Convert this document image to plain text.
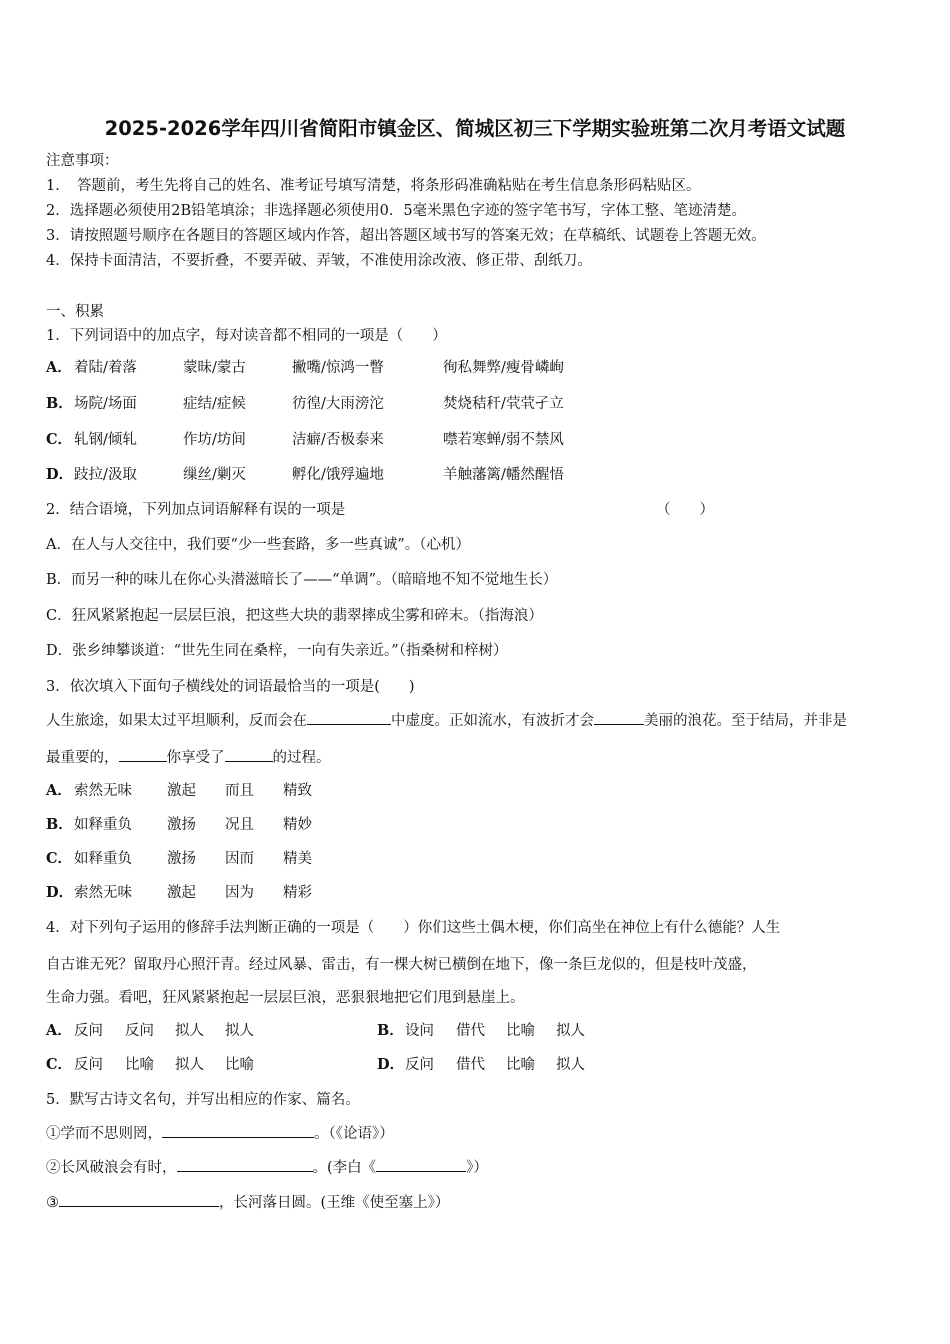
2025-2026学年四川省简阳市镇金区、简城区初三下学期实验班第二次月考语文试题
注意事项：
1．　答题前，考生先将自己的姓名、准考证号填写清楚，将条形码准确粘贴在考生信息条形码粘贴区。
2．选择题必须使用2B铅笔填涂；非选择题必须使用0．5毫米黑色字迹的签字笔书写，字体工整、笔迹清楚。
3．请按照题号顺序在各题目的答题区域内作答，超出答题区域书写的答案无效；在草稿纸、试题卷上答题无效。
4．保持卡面清洁，不要折叠，不要弄破、弄皱，不准使用涂改液、修正带、刮纸刀。
一、积累
1．下列词语中的加点字，每对读音都不相同的一项是（　　）
A． 着陆/着落	蒙昧/蒙古	撇嘴/惊鸿一瞥	徇私舞弊/瘦骨嶙峋
B． 场院/场面	症结/症候	彷徨/大雨滂沱	焚烧秸秆/茕茕孑立
C． 轧钢/倾轧	作坊/坊间	洁癖/否极泰来	噤若寒蝉/弱不禁风
D． 跂拉/汲取	缫丝/剿灭	孵化/饿殍遍地	羊触藩篱/幡然醒悟
2．结合语境，下列加点词语解释有误的一项是	（　　）
A．在人与人交往中，我们要“少一些套路，多一些真诚”。（心机）
B．而另一种的味儿在你心头潜滋暗长了——“单调”。（暗暗地不知不觉地生长）
C．狂风紧紧抱起一层层巨浪，把这些大块的翡翠摔成尘雾和碎末。（指海浪）
D．张乡绅攀谈道：“世先生同在桑梓，一向有失亲近。”（指桑树和梓树）
3．依次填入下面句子横线处的词语最恰当的一项是(　　)
人生旅途，如果太过平坦顺利，反而会在	中虚度。正如流水，有波折才会	美丽的浪花。至于结局，并非是
最重要的，	你享受了	的过程。
A． 索然无味 激起 而且 精致
B． 如释重负 激扬 况且 精妙
C． 如释重负 激扬 因而 精美
D． 索然无味 激起 因为 精彩
4．对下列句子运用的修辞手法判断正确的一项是（　　）你们这些土偶木梗，你们高坐在神位上有什么德能？人生
自古谁无死？留取丹心照汗青。经过风暴、雷击，有一棵大树已横倒在地下，像一条巨龙似的，但是枝叶茂盛，
生命力强。看吧，狂风紧紧抱起一层层巨浪，恶狠狠地把它们甩到悬崖上。
A． 反问 反问 拟人 拟人	B． 设问 借代 比喻 拟人
C． 反问 比喻 拟人 比喻	D． 反问 借代 比喻 拟人
5．默写古诗文名句，并写出相应的作家、篇名。
①学而不思则罔，	。（《论语》）
②长风破浪会有时，	。(李白《	》）
③	，长河落日圆。(王维《使至塞上》）
